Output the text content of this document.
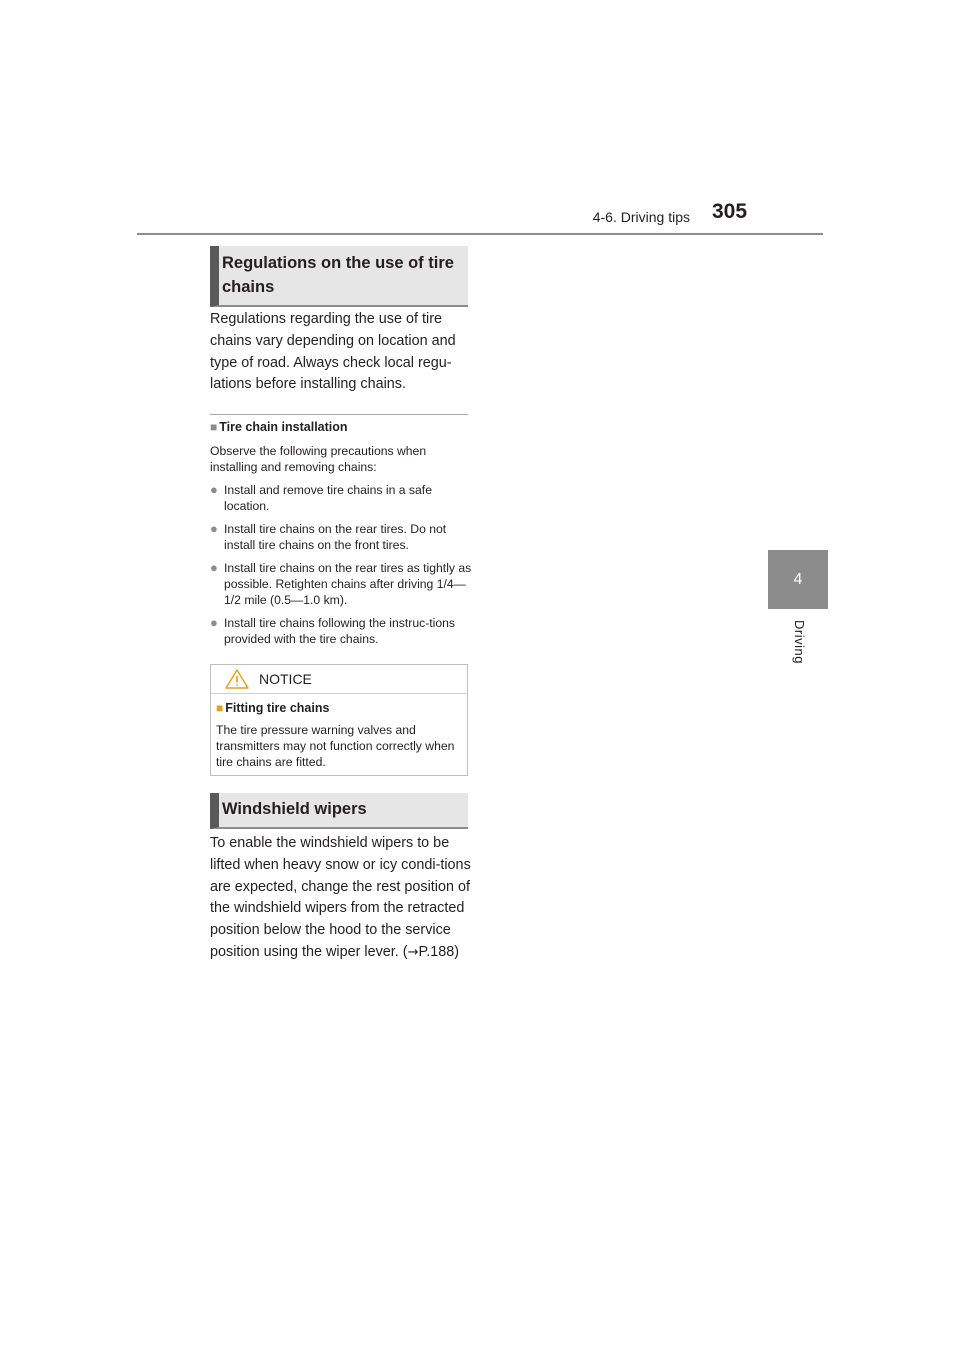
4-6. Driving tips 305
4
Driving
Regulations on the use of tire
chains
Regulations regarding the use of tire chains vary depending on location and type of road. Always check local regu-lations before installing chains.
■ Tire chain installation
Observe the following precautions when installing and removing chains:
● Install and remove tire chains in a safe location.
● Install tire chains on the rear tires. Do not install tire chains on the front tires.
● Install tire chains on the rear tires as tightly as possible. Retighten chains after driving 1/4—1/2 mile (0.5—1.0 km).
● Install tire chains following the instruc-tions provided with the tire chains.
NOTICE
■ Fitting tire chains
The tire pressure warning valves and transmitters may not function correctly when tire chains are fitted.
Windshield wipers
To enable the windshield wipers to be lifted when heavy snow or icy condi-tions are expected, change the rest position of the windshield wipers from the retracted position below the hood to the service position using the wiper lever. (→P.188)
